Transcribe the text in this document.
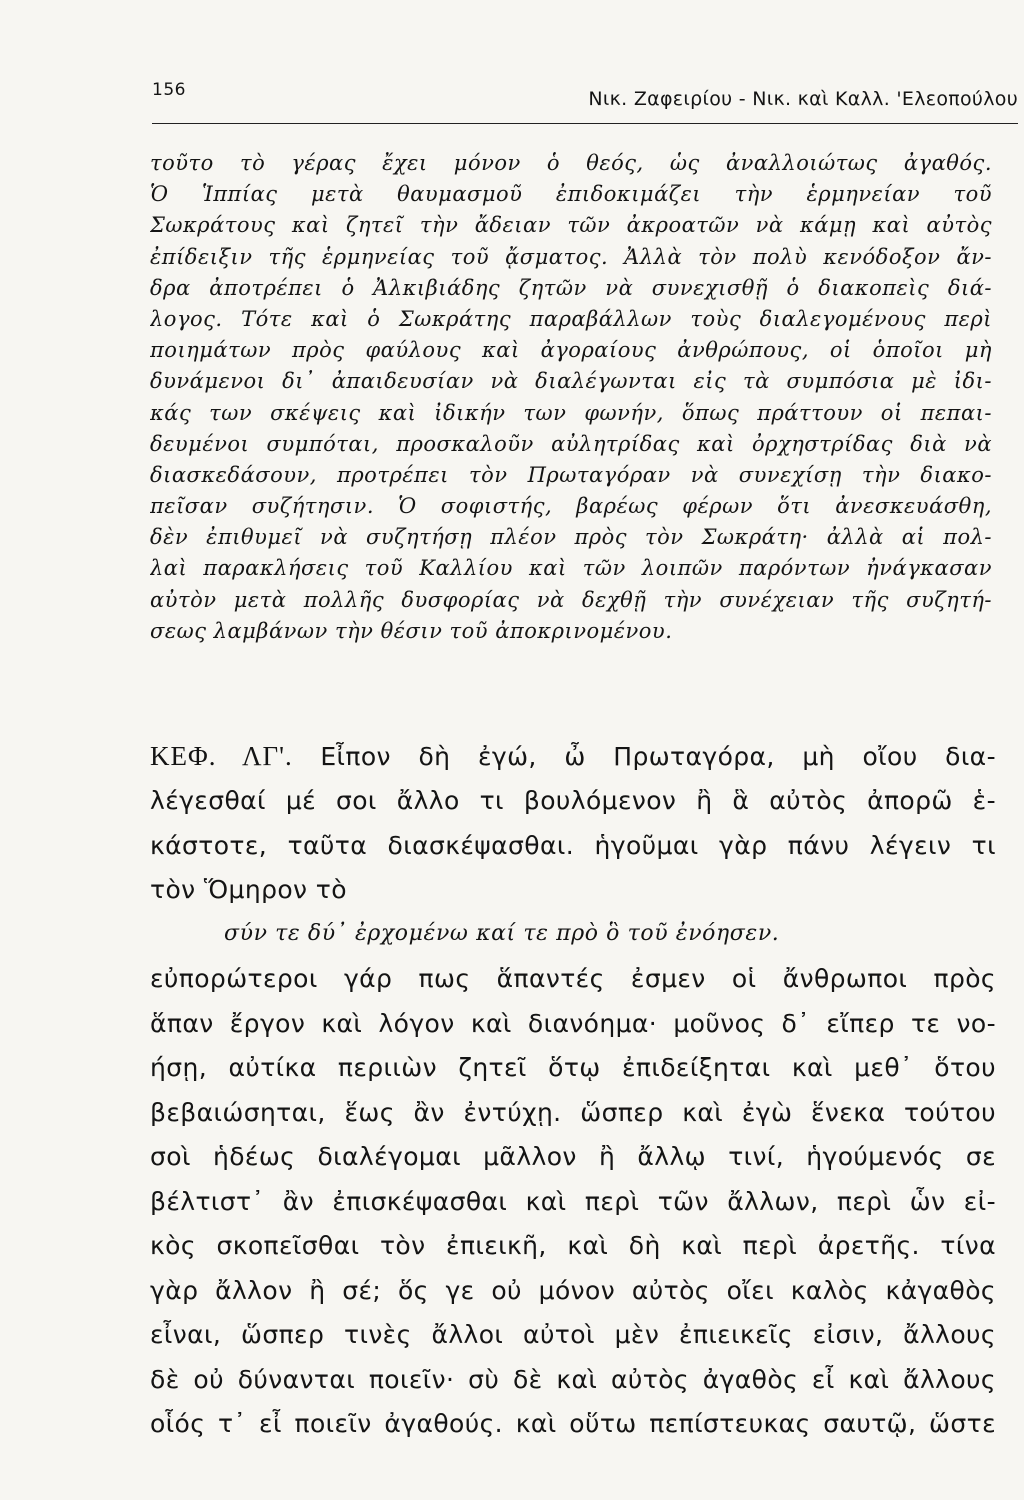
156	Νικ. Ζαφειρίου - Νικ. καὶ Καλλ. 'Ελεοπούλου
τοῦτο τὸ γέρας ἔχει μόνον ὁ θεός, ὡς ἀναλλοιώτως ἀγαθός.
Ὁ Ἱππίας μετὰ θαυμασμοῦ ἐπιδοκιμάζει τὴν ἑρμηνείαν τοῦ
Σωκράτους καὶ ζητεῖ τὴν ἄδειαν τῶν ἀκροατῶν νὰ κάμῃ καὶ αὐτὸς
ἐπίδειξιν τῆς ἑρμηνείας τοῦ ᾄσματος. Ἀλλὰ τὸν πολὺ κενόδοξον ἄν-
δρα ἀποτρέπει ὁ Ἀλκιβιάδης ζητῶν νὰ συνεχισθῇ ὁ διακοπεὶς διά-
λογος. Τότε καὶ ὁ Σωκράτης παραβάλλων τοὺς διαλεγομένους περὶ
ποιημάτων πρὸς φαύλους καὶ ἀγοραίους ἀνθρώπους, οἱ ὁποῖοι μὴ
δυνάμενοι δι᾽ ἀπαιδευσίαν νὰ διαλέγωνται εἰς τὰ συμπόσια μὲ ἰδι-
κάς των σκέψεις καὶ ἰδικήν των φωνήν, ὅπως πράττουν οἱ πεπαι-
δευμένοι συμπόται, προσκαλοῦν αὐλητρίδας καὶ ὀρχηστρίδας διὰ νὰ
διασκεδάσουν, προτρέπει τὸν Πρωταγόραν νὰ συνεχίσῃ τὴν διακο-
πεῖσαν συζήτησιν. Ὁ σοφιστής, βαρέως φέρων ὅτι ἀνεσκευάσθη,
δὲν ἐπιθυμεῖ νὰ συζητήσῃ πλέον πρὸς τὸν Σωκράτη· ἀλλὰ αἱ πολ-
λαὶ παρακλήσεις τοῦ Καλλίου καὶ τῶν λοιπῶν παρόντων ἠνάγκασαν
αὐτὸν μετὰ πολλῆς δυσφορίας νὰ δεχθῇ τὴν συνέχειαν τῆς συζητή-
σεως λαμβάνων τὴν θέσιν τοῦ ἀποκρινομένου.
ΚΕΦ. ΛΓ'. Εἶπον δὴ ἐγώ, ὦ Πρωταγόρα, μὴ οἴου δια-
λέγεσθαί μέ σοι ἄλλο τι βουλόμενον ἢ ἃ αὐτὸς ἀπορῶ ἑ-
κάστοτε, ταῦτα διασκέψασθαι. ἡγοῦμαι γὰρ πάνυ λέγειν τι
τὸν Ὅμηρον τὸ
σύν τε δύ᾽ ἐρχομένω καί τε πρὸ ὃ τοῦ ἐνόησεν.
εὐπορώτεροι γάρ πως ἅπαντές ἐσμεν οἱ ἄνθρωποι πρὸς
ἅπαν ἔργον καὶ λόγον καὶ διανόημα· μοῦνος δ᾽ εἴπερ τε νο-
ήσῃ, αὐτίκα περιιὼν ζητεῖ ὅτῳ ἐπιδείξηται καὶ μεθ᾽ ὅτου
βεβαιώσηται, ἕως ἂν ἐντύχῃ. ὥσπερ καὶ ἐγὼ ἕνεκα τούτου
σοὶ ἡδέως διαλέγομαι μᾶλλον ἢ ἄλλῳ τινί, ἡγούμενός σε
βέλτιστ᾽ ἂν ἐπισκέψασθαι καὶ περὶ τῶν ἄλλων, περὶ ὧν εἰ-
κὸς σκοπεῖσθαι τὸν ἐπιεικῆ, καὶ δὴ καὶ περὶ ἀρετῆς. τίνα
γὰρ ἄλλον ἢ σέ; ὅς γε οὐ μόνον αὐτὸς οἴει καλὸς κἀγαθὸς
εἶναι, ὥσπερ τινὲς ἄλλοι αὐτοὶ μὲν ἐπιεικεῖς εἰσιν, ἄλλους
δὲ οὐ δύνανται ποιεῖν· σὺ δὲ καὶ αὐτὸς ἀγαθὸς εἶ καὶ ἄλλους
οἷός τ᾽ εἶ ποιεῖν ἀγαθούς. καὶ οὕτω πεπίστευκας σαυτῷ, ὥστε
